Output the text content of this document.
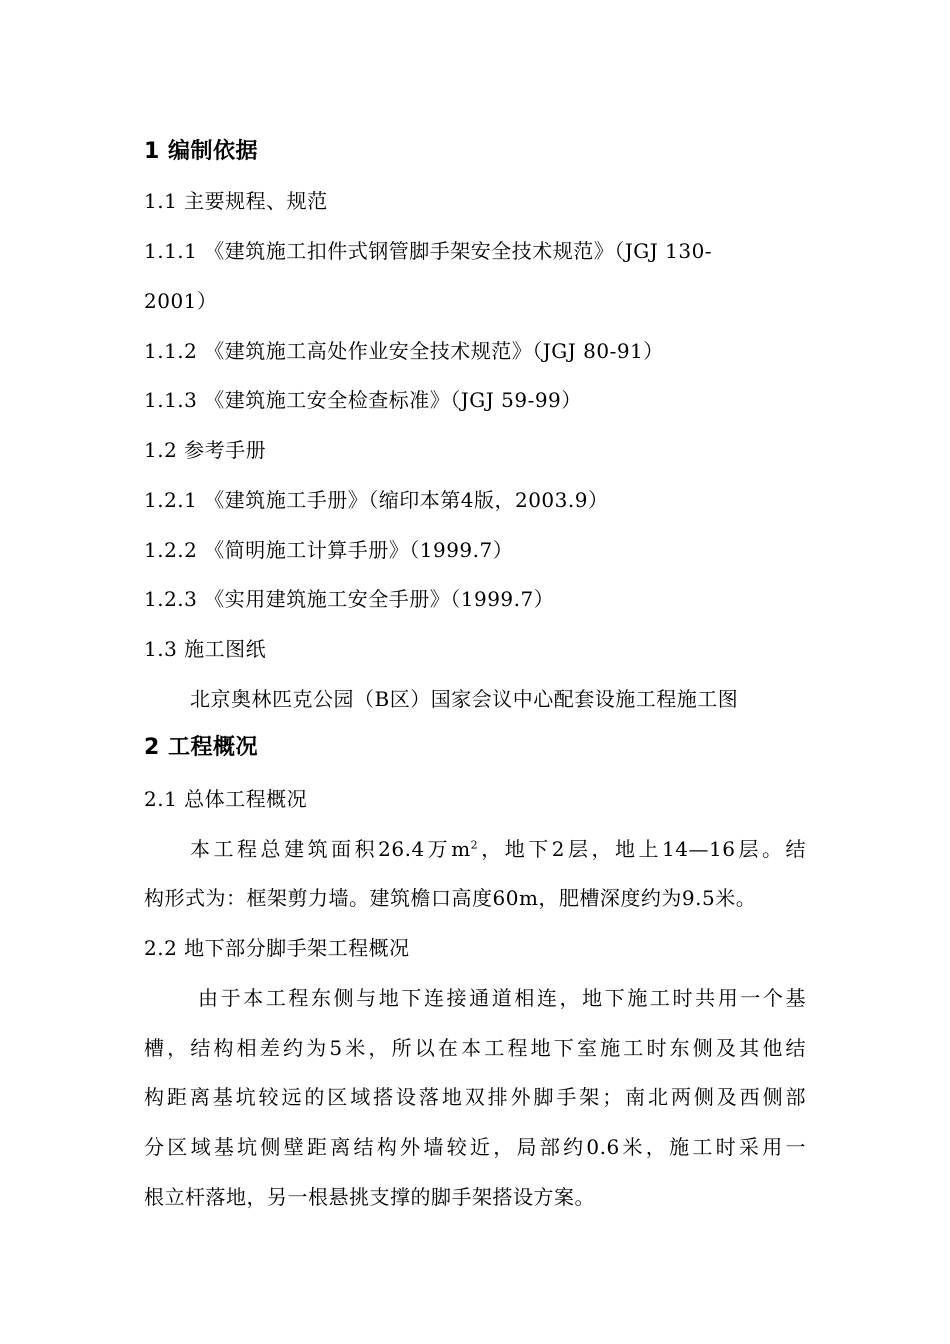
1 编制依据
1.1 主要规程、规范
1.1.1 《建筑施工扣件式钢管脚手架安全技术规范》（JGJ 130-
2001）
1.1.2 《建筑施工高处作业安全技术规范》（JGJ 80-91）
1.1.3 《建筑施工安全检查标准》（JGJ 59-99）
1.2 参考手册
1.2.1 《建筑施工手册》（缩印本第4版，2003.9）
1.2.2 《简明施工计算手册》（1999.7）
1.2.3 《实用建筑施工安全手册》（1999.7）
1.3 施工图纸
北京奥林匹克公园（B区）国家会议中心配套设施工程施工图
2 工程概况
2.1 总体工程概况
本工程总建筑面积26.4万$m^2$，地下2层，地上14—16层。结
构形式为：框架剪力墙。建筑檐口高度60m，肥槽深度约为9.5米。
2.2 地下部分脚手架工程概况
由于本工程东侧与地下连接通道相连，地下施工时共用一个基
槽，结构相差约为5米，所以在本工程地下室施工时东侧及其他结
构距离基坑较远的区域搭设落地双排外脚手架；南北两侧及西侧部
分区域基坑侧壁距离结构外墙较近，局部约0.6米，施工时采用一
根立杆落地，另一根悬挑支撑的脚手架搭设方案。
